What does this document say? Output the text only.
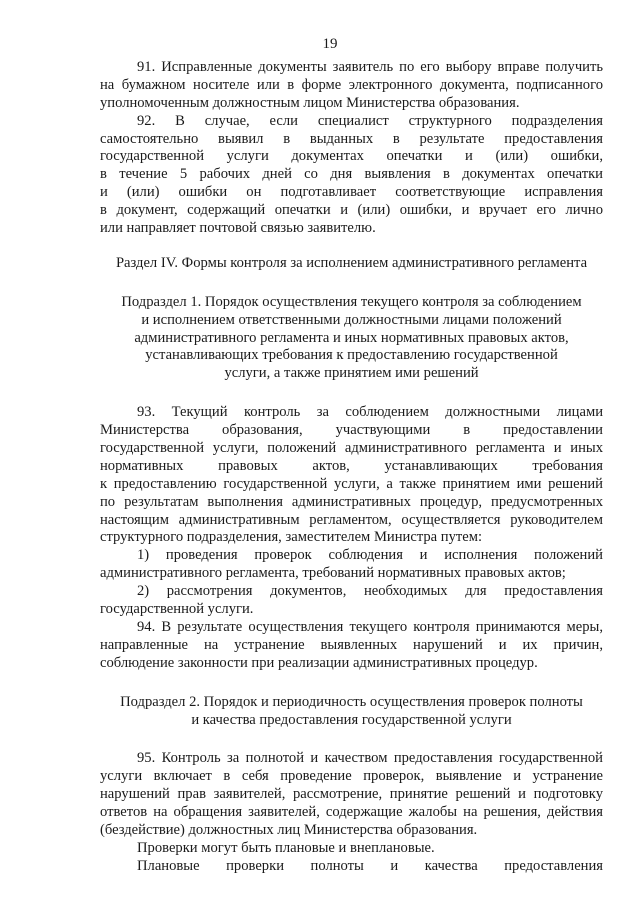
19
91. Исправленные документы заявитель по его выбору вправе получить
на бумажном носителе или в форме электронного документа, подписанного
уполномоченным должностным лицом Министерства образования.
92. В случае, если специалист структурного подразделения
самостоятельно выявил в выданных в результате предоставления
государственной услуги документах опечатки и (или) ошибки,
в течение 5 рабочих дней со дня выявления в документах опечатки
и (или) ошибки он подготавливает соответствующие исправления
в документ, содержащий опечатки и (или) ошибки, и вручает его лично
или направляет почтовой связью заявителю.
Раздел IV. Формы контроля за исполнением административного регламента
Подраздел 1. Порядок осуществления текущего контроля за соблюдением
и исполнением ответственными должностными лицами положений
административного регламента и иных нормативных правовых актов,
устанавливающих требования к предоставлению государственной
услуги, а также принятием ими решений
93. Текущий контроль за соблюдением должностными лицами
Министерства образования, участвующими в предоставлении
государственной услуги, положений административного регламента и иных
нормативных правовых актов, устанавливающих требования
к предоставлению государственной услуги, а также принятием ими решений
по результатам выполнения административных процедур, предусмотренных
настоящим административным регламентом, осуществляется руководителем
структурного подразделения, заместителем Министра путем:
1) проведения проверок соблюдения и исполнения положений
административного регламента, требований нормативных правовых актов;
2) рассмотрения документов, необходимых для предоставления
государственной услуги.
94. В результате осуществления текущего контроля принимаются меры,
направленные на устранение выявленных нарушений и их причин,
соблюдение законности при реализации административных процедур.
Подраздел 2. Порядок и периодичность осуществления проверок полноты
и качества предоставления государственной услуги
95. Контроль за полнотой и качеством предоставления государственной
услуги включает в себя проведение проверок, выявление и устранение
нарушений прав заявителей, рассмотрение, принятие решений и подготовку
ответов на обращения заявителей, содержащие жалобы на решения, действия
(бездействие) должностных лиц Министерства образования.
Проверки могут быть плановые и внеплановые.
Плановые проверки полноты и качества предоставления
